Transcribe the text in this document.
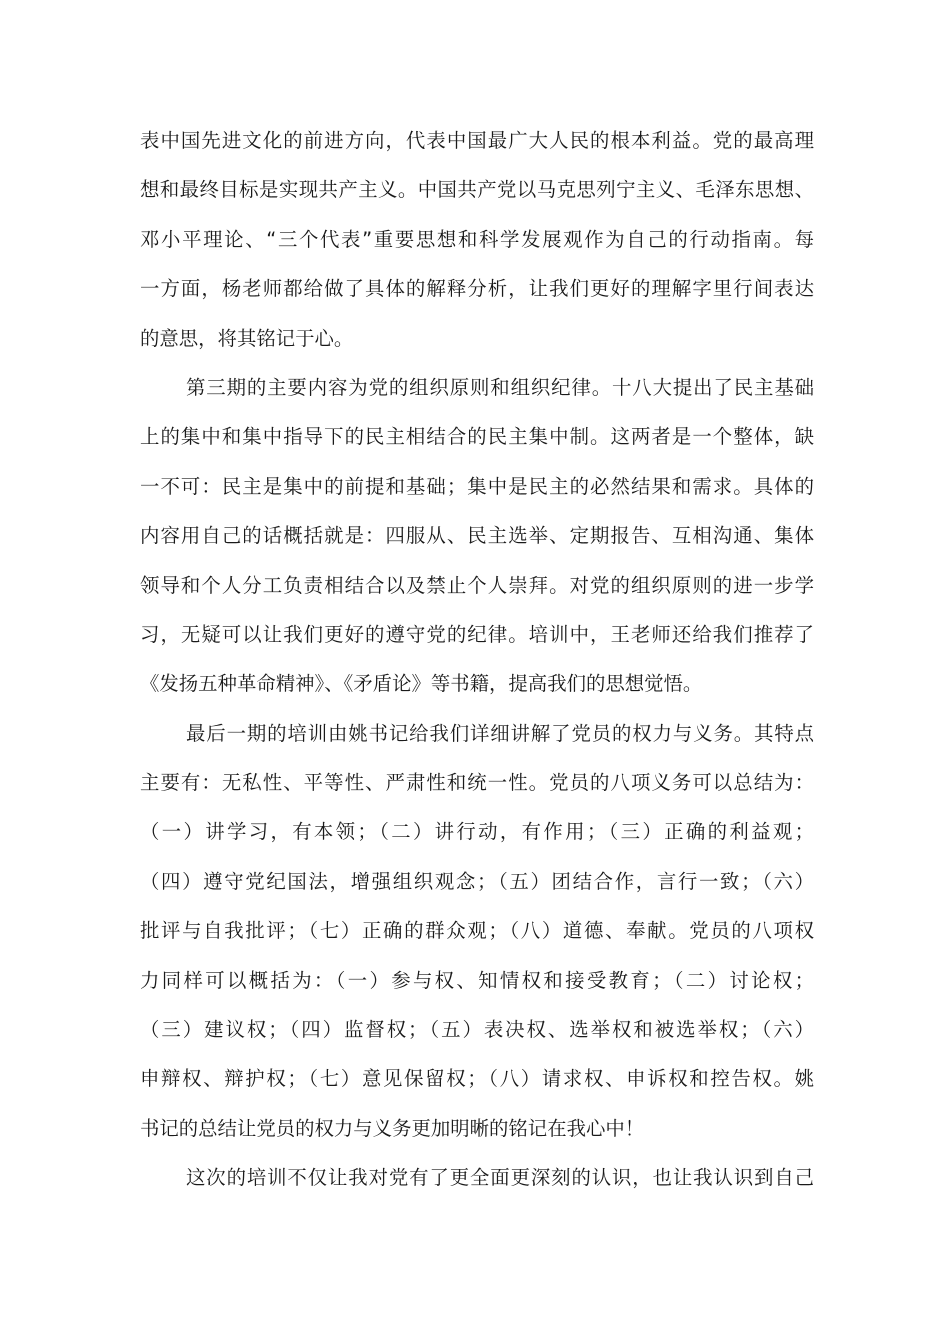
表中国先进文化的前进方向，代表中国最广大人民的根本利益。党的最高理
想和最终目标是实现共产主义。中国共产党以马克思列宁主义、毛泽东思想、
邓小平理论、“三个代表”重要思想和科学发展观作为自己的行动指南。每
一方面，杨老师都给做了具体的解释分析，让我们更好的理解字里行间表达
的意思，将其铭记于心。
第三期的主要内容为党的组织原则和组织纪律。十八大提出了民主基础
上的集中和集中指导下的民主相结合的民主集中制。这两者是一个整体，缺
一不可：民主是集中的前提和基础；集中是民主的必然结果和需求。具体的
内容用自己的话概括就是：四服从、民主选举、定期报告、互相沟通、集体
领导和个人分工负责相结合以及禁止个人崇拜。对党的组织原则的进一步学
习，无疑可以让我们更好的遵守党的纪律。培训中，王老师还给我们推荐了
《发扬五种革命精神》、《矛盾论》等书籍，提高我们的思想觉悟。
最后一期的培训由姚书记给我们详细讲解了党员的权力与义务。其特点
主要有：无私性、平等性、严肃性和统一性。党员的八项义务可以总结为：
（一）讲学习，有本领；（二）讲行动，有作用；（三）正确的利益观；
（四）遵守党纪国法，增强组织观念；（五）团结合作，言行一致；（六）
批评与自我批评；（七）正确的群众观；（八）道德、奉献。党员的八项权
力同样可以概括为：（一）参与权、知情权和接受教育；（二）讨论权；
（三）建议权；（四）监督权；（五）表决权、选举权和被选举权；（六）
申辩权、辩护权；（七）意见保留权；（八）请求权、申诉权和控告权。姚
书记的总结让党员的权力与义务更加明晰的铭记在我心中！
这次的培训不仅让我对党有了更全面更深刻的认识，也让我认识到自己
